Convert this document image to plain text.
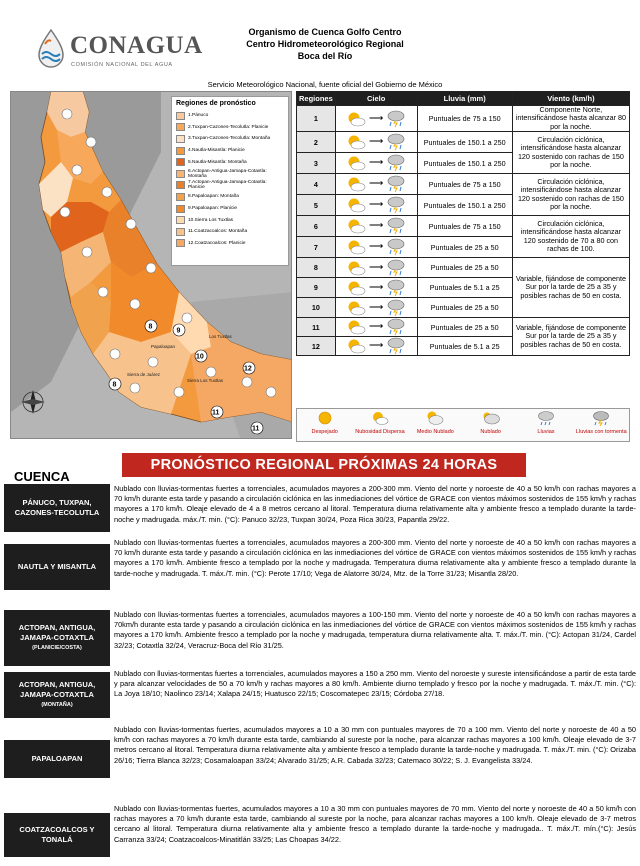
CONAGUA
COMISIÓN NACIONAL DEL AGUA
Organismo de Cuenca Golfo Centro
Centro Hidrometeorológico Regional
Boca del Río
Servicio Meteorológico Nacional, fuente oficial del Gobierno de México
9
10
12
11
8
8
11
Los Tuxtlas
Papaloapan
Sierra Los Tuxtlas
Sierra de Juárez
Regiones de pronóstico
1.Pánuco
2.Tuxpan-Cazones-Tecolutla: Planicie
3.Tuxpan-Cazones-Tecolutla: Montaña
4.Nautla-Misantla: Planicie
5.Nautla-Misantla: Montaña
6.Actopan-Antigua-Jamapa-Cotaxtla: Montaña
7.Actopan-Antigua-Jamapa-Cotaxtla: Planicie
8.Papaloapan: Montaña
9.Papaloapan: Planicie
10.Sierra Los Tuxtlas
11.Coatzacoalcos: Montaña
12.Coatzacoalcos: Planicie
Regiones	Cielo	Lluvia (mm)	Viento (km/h)
1	⟶	Puntuales de 75 a 150	Componente Norte, intensificándose hasta alcanzar 80 por la noche.
2	⟶	Puntuales de 150.1 a 250	Circulación ciclónica, intensificándose hasta alcanzar 120 sostenido con rachas de 150 por la noche.
3	⟶	Puntuales de 150.1 a 250	
4	⟶	Puntuales de 75 a 150	Circulación ciclónica, intensificándose hasta alcanzar 120 sostenido con rachas de 150 por la noche.
5	⟶	Puntuales de 150.1 a 250	
6	⟶	Puntuales de 75 a 150	Circulación ciclónica, intensificándose hasta alcanzar 120 sostenido de 70 a 80 con rachas de 100.
7	⟶	Puntuales de 25 a 50	
8	⟶	Puntuales de 25 a 50	Variable, fijándose de componente Sur por la tarde de 25 a 35 y posibles rachas de 50 en costa.
9	⟶	Puntuales de 5.1 a 25	
10	⟶	Puntuales de 25 a 50	
11	⟶	Puntuales de 25 a 50	Variable, fijándose de componente Sur por la tarde de 25 a 35 y posibles rachas de 50 en costa.
12	⟶	Puntuales de 5.1 a 25	
Despejado	Nubosidad Dispersa	Medio Nublado	Nublado	Lluvias	Lluvias con tormenta
CUENCA
PRONÓSTICO REGIONAL PRÓXIMAS 24 HORAS
PÁNUCO, TUXPAN, CAZONES-TECOLUTLA
Nublado con lluvias-tormentas fuertes a torrenciales, acumulados mayores a 200-300 mm. Viento del norte y noroeste de 40 a 50 km/h con rachas mayores a 70 km/h durante esta tarde y pasando a circulación ciclónica en las inmediaciones del vórtice de GRACE con vientos máximos sostenidos de 155 km/h y rachas mayores a 170 km/h. Oleaje elevado de 4 a 8 metros cercano al litoral. Temperatura diurna relativamente alta y ambiente fresco a templado durante la tarde-noche y madrugada. máx./T. min. (°C): Panuco 32/23, Tuxpan 30/24, Poza Rica 30/23, Papantla 29/22.
NAUTLA Y MISANTLA
Nublado con lluvias-tormentas fuertes a torrenciales, acumulados mayores a 200-300 mm. Viento del norte y noroeste de 40 a 50 km/h con rachas mayores a 70 km/h durante esta tarde y pasando a circulación ciclónica en las inmediaciones del vórtice de GRACE con vientos máximos sostenidos de 155 km/h y rachas mayores a 170 km/h. Ambiente fresco a templado por la noche y madrugada. Temperatura diurna relativamente alta y ambiente fresco a templado durante la tarde-noche y madrugada. T. máx./T. min. (°C): Perote 17/10; Vega de Alatorre 30/24, Mtz. de la Torre 31/23; Misantla 28/20.
ACTOPAN, ANTIGUA, JAMAPA-COTAXTLA
(PLANICIE/COSTA)
Nublado con lluvias-tormentas fuertes a torrenciales, acumulados mayores a 100-150 mm. Viento del norte y noroeste de 40 a 50 km/h con rachas mayores a 70km/h durante esta tarde y pasando a circulación ciclónica en las inmediaciones del vórtice de GRACE con vientos máximos sostenidos de 155 km/h y rachas mayores a 170 km/h. Ambiente fresco a templado por la noche y madrugada, temperatura diurna relativamente alta. T. máx./T. min. (°C): Actopan 31/24, Cardel 32/23; Cotaxtla 32/24, Veracruz-Boca del Río 31/25.
ACTOPAN, ANTIGUA, JAMAPA-COTAXTLA
(MONTAÑA)
Nublado con lluvias-tormentas fuertes a torrenciales, acumulados mayores a 150 a 250 mm. Viento del noroeste y sureste intensificándose a partir de esta tarde y para alcanzar velocidades de 50 a 70 km/h y rachas mayores a 80 km/h. Ambiente diurno templado y fresco por la noche y madrugada. T. máx./T. min. (°C): La Joya 18/10; Naolinco 23/14; Xalapa 24/15; Huatusco 22/15; Coscomatepec 23/15; Córdoba 27/18.
PAPALOAPAN
Nublado con lluvias-tormentas fuertes, acumulados mayores a 10 a 30 mm con puntuales mayores de 70 a 100 mm. Viento del norte y noroeste de 40 a 50 km/h con rachas mayores a 70 km/h durante esta tarde, cambiando al sureste por la noche, para alcanzar rachas mayores a 100 km/h. Oleaje elevado de 3-7 metros cercano al litoral. Temperatura diurna relativamente alta y ambiente fresco a templado durante la tarde-noche y madrugada. T. máx./T. min. (°C): Orizaba 26/16; Tierra Blanca 32/23; Cosamaloapan 33/24; Alvarado 31/25; A.R. Cabada 32/23; Catemaco 30/22; S. J. Evangelista 33/24.
COATZACOALCOS Y TONALÁ
Nublado con lluvias-tormentas fuertes, acumulados mayores a 10 a 30 mm con puntuales mayores de 70 mm. Viento del norte y noroeste de 40 a 50 km/h con rachas mayores a 70 km/h durante esta tarde, cambiando al sureste por la noche, para alcanzar rachas mayores a 100 km/h. Oleaje elevado de 3-7 metros cercano al litoral. Temperatura diurna relativamente alta y ambiente fresco a templado durante la tarde-noche y madrugada.. T. máx./T. mín.(°C): Jesús Carranza 33/24; Coatzacoalcos-Minatitlán 33/25; Las Choapas 34/22.
